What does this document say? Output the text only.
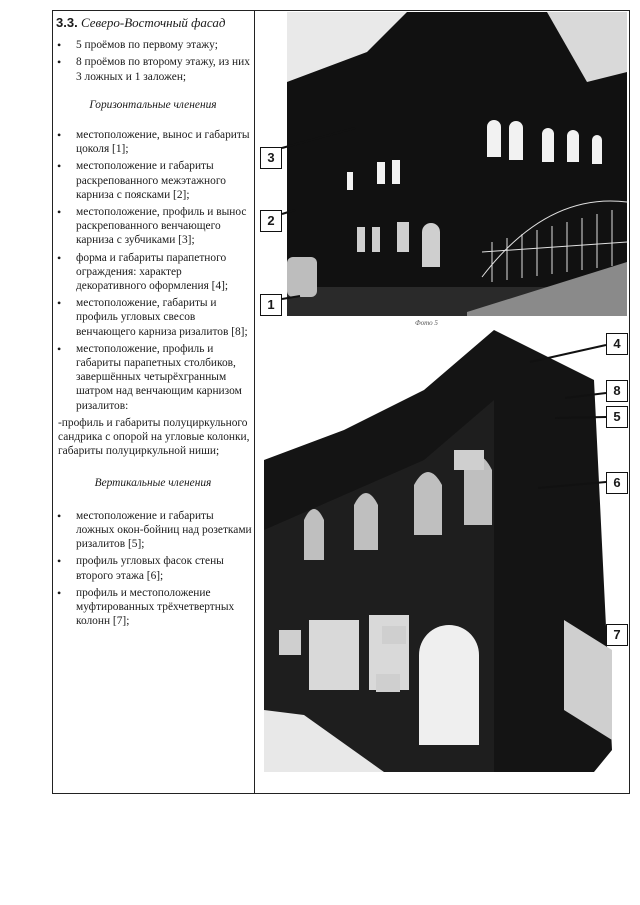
3.3. Северо-Восточный фасад
• 5 проёмов по первому этажу;
• 8 проёмов по второму этажу, из них 3 ложных и 1 заложен;
Горизонтальные членения
• местоположение, вынос и габариты цоколя [1];
• местоположение и габариты раскрепованного межэтажного карниза с поясками [2];
• местоположение, профиль и вынос раскрепованного венчающего карниза с зубчиками [3];
• форма и габариты парапетного ограждения: характер декоративного оформления [4];
• местоположение, габариты и профиль угловых свесов венчающего карниза ризалитов [8];
• местоположение, профиль и габариты парапетных столбиков, завершённых четырёхгранным шатром над венчающим карнизом ризалитов:
-профиль и габариты полуциркульного сандрика с опорой на угловые колонки, габариты полуциркульной ниши;
Вертикальные членения
• местоположение и габариты ложных окон-бойниц над розетками ризалитов [5];
• профиль угловых фасок стены второго этажа [6];
• профиль и местоположение муфтированных трёхчетвертных колонн [7];
Фото 5
3
2
1
4
8
5
6
7
